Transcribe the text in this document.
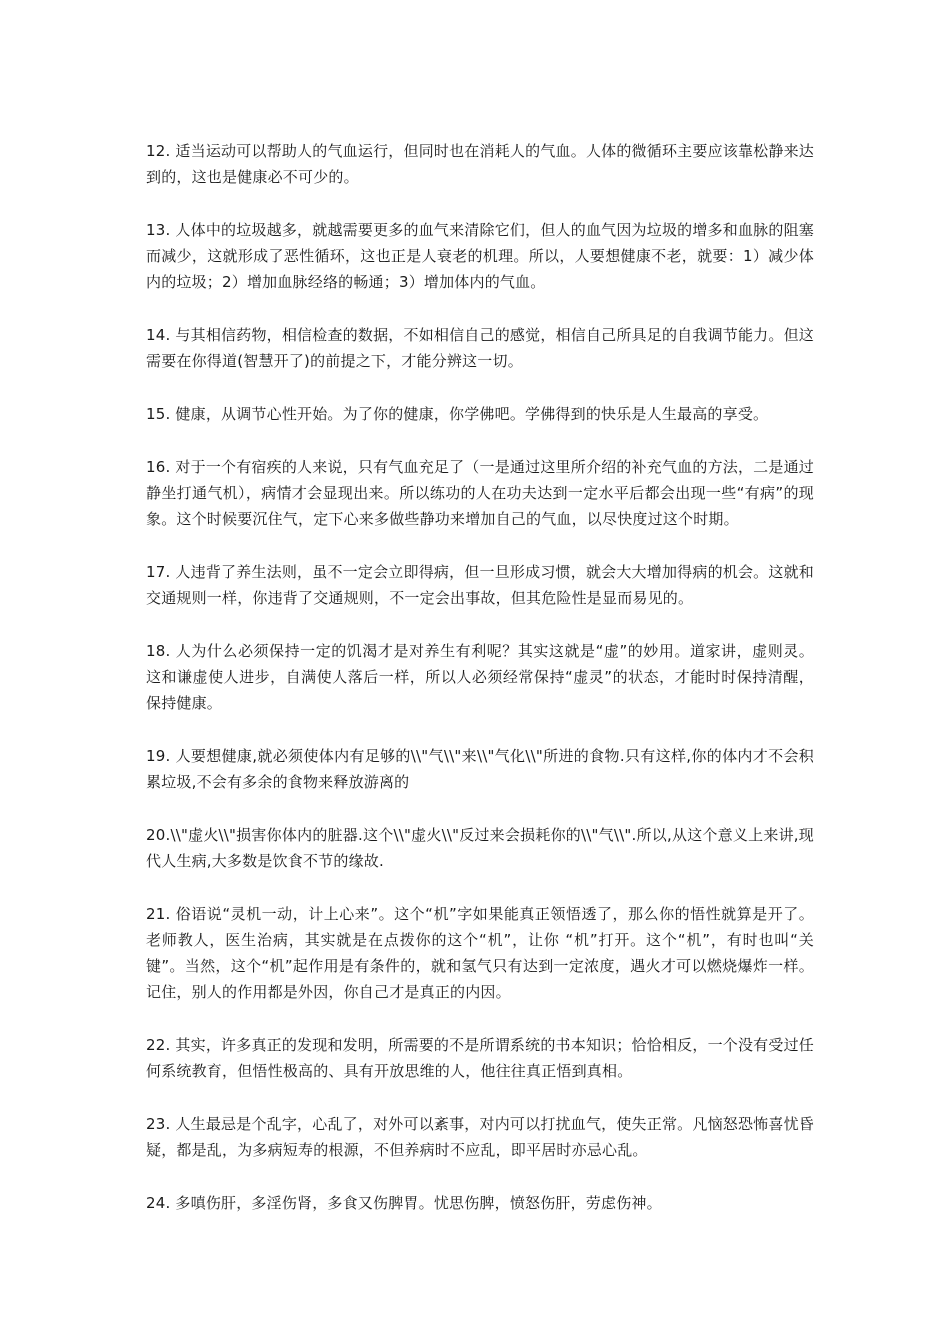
12. 适当运动可以帮助人的气血运行，但同时也在消耗人的气血。人体的微循环主要应该靠松静来达到的，这也是健康必不可少的。

13. 人体中的垃圾越多，就越需要更多的血气来清除它们，但人的血气因为垃圾的增多和血脉的阻塞而减少，这就形成了恶性循环，这也正是人衰老的机理。所以，人要想健康不老，就要：1）减少体内的垃圾；2）增加血脉经络的畅通；3）增加体内的气血。

14. 与其相信药物，相信检查的数据，不如相信自己的感觉，相信自己所具足的自我调节能力。但这需要在你得道(智慧开了)的前提之下，才能分辨这一切。

15. 健康，从调节心性开始。为了你的健康，你学佛吧。学佛得到的快乐是人生最高的享受。

16. 对于一个有宿疾的人来说，只有气血充足了（一是通过这里所介绍的补充气血的方法，二是通过静坐打通气机），病情才会显现出来。所以练功的人在功夫达到一定水平后都会出现一些“有病”的现象。这个时候要沉住气，定下心来多做些静功来增加自己的气血，以尽快度过这个时期。

17. 人违背了养生法则，虽不一定会立即得病，但一旦形成习惯，就会大大增加得病的机会。这就和交通规则一样，你违背了交通规则，不一定会出事故，但其危险性是显而易见的。

18. 人为什么必须保持一定的饥渴才是对养生有利呢？其实这就是“虚”的妙用。道家讲，虚则灵。这和谦虚使人进步，自满使人落后一样，所以人必须经常保持“虚灵”的状态，才能时时保持清醒，保持健康。

19. 人要想健康,就必须使体内有足够的\\"气\\"来\\"气化\\"所进的食物.只有这样,你的体内才不会积累垃圾,不会有多余的食物来释放游离的

20.\\"虚火\\"损害你体内的脏器.这个\\"虚火\\"反过来会损耗你的\\"气\\".所以,从这个意义上来讲,现代人生病,大多数是饮食不节的缘故.

21. 俗语说“灵机一动，计上心来”。这个“机”字如果能真正领悟透了，那么你的悟性就算是开了。老师教人，医生治病，其实就是在点拨你的这个“机”，让你 “机”打开。这个“机”，有时也叫“关键”。当然，这个“机”起作用是有条件的，就和氢气只有达到一定浓度，遇火才可以燃烧爆炸一样。记住，别人的作用都是外因，你自己才是真正的内因。

22. 其实，许多真正的发现和发明，所需要的不是所谓系统的书本知识；恰恰相反，一个没有受过任何系统教育，但悟性极高的、具有开放思维的人，他往往真正悟到真相。

23. 人生最忌是个乱字，心乱了，对外可以紊事，对内可以打扰血气，使失正常。凡恼怒恐怖喜忧昏疑，都是乱，为多病短寿的根源，不但养病时不应乱，即平居时亦忌心乱。

24. 多嗔伤肝，多淫伤肾，多食又伤脾胃。忧思伤脾，愤怒伤肝，劳虑伤神。
